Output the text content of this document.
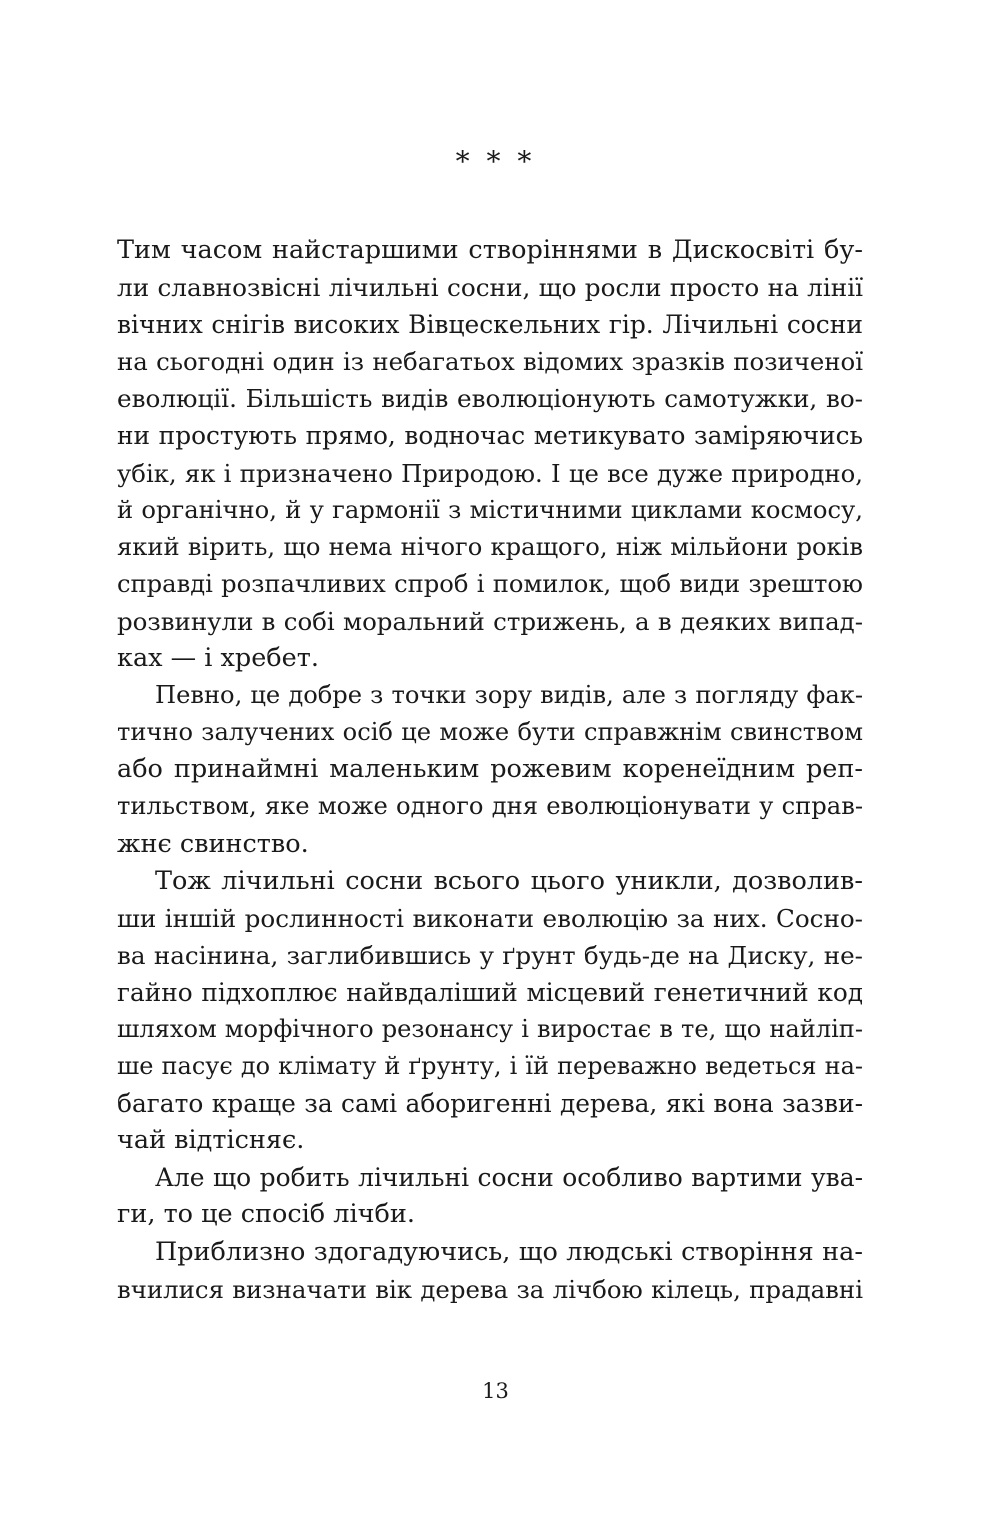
* * *
Тим часом найстаршими створіннями в Дискосвіті бу-
ли славнозвісні лічильні сосни, що росли просто на лінії
вічних снігів високих Вівцескельних гір. Лічильні сосни
на сьогодні один із небагатьох відомих зразків позиченої
еволюції. Більшість видів еволюціонують самотужки, во-
ни простують прямо, водночас метикувато заміряючись
убік, як і призначено Природою. І це все дуже природно,
й органічно, й у гармонії з містичними циклами космосу,
який вірить, що нема нічого кращого, ніж мільйони років
справді розпачливих спроб і помилок, щоб види зрештою
розвинули в собі моральний стрижень, а в деяких випад-
ках — і хребет.
Певно, це добре з точки зору видів, але з погляду фак-
тично залучених осіб це може бути справжнім свинством
або принаймні маленьким рожевим коренеїдним реп-
тильством, яке може одного дня еволюціонувати у справ-
жнє свинство.
Тож лічильні сосни всього цього уникли, дозволив-
ши іншій рослинності виконати еволюцію за них. Сосно-
ва насінина, заглибившись у ґрунт будь-де на Диску, не-
гайно підхоплює найвдаліший місцевий генетичний код
шляхом морфічного резонансу і виростає в те, що найліп-
ше пасує до клімату й ґрунту, і їй переважно ведеться на-
багато краще за самі аборигенні дерева, які вона зазви-
чай відтісняє.
Але що робить лічильні сосни особливо вартими ува-
ги, то це спосіб лічби.
Приблизно здогадуючись, що людські створіння на-
вчилися визначати вік дерева за лічбою кілець, прадавні
13
